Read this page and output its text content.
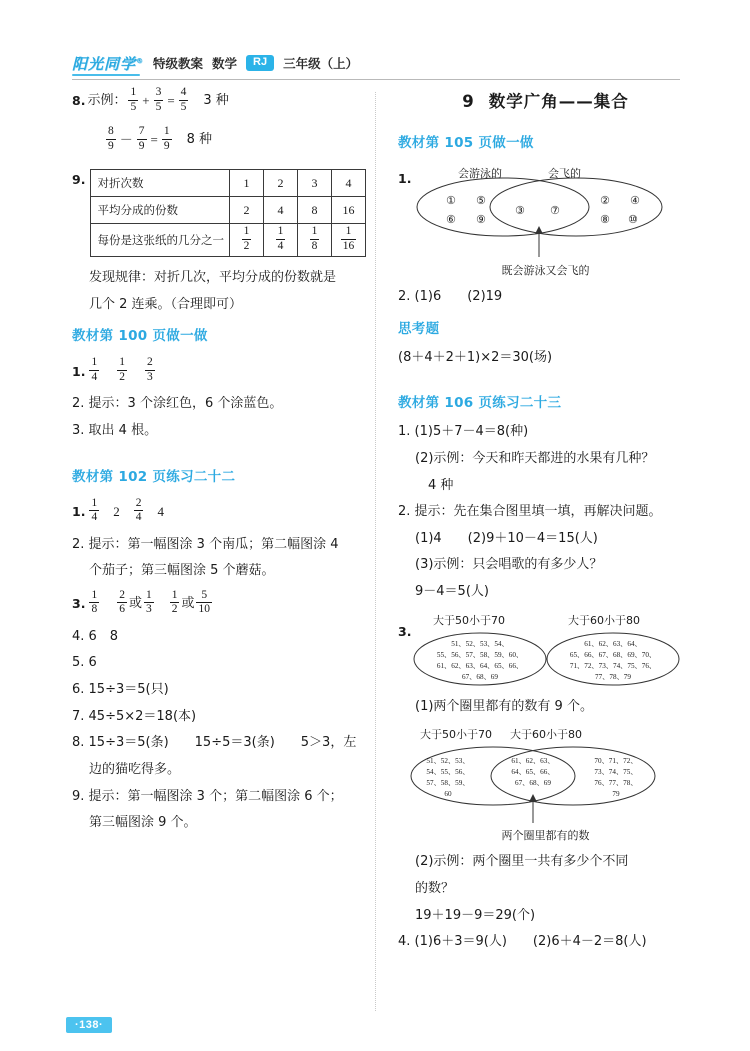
阳光同学® 特级教案 数学	RJ	三年级（上）
8. 示例： $\frac{1}{5} + \frac{3}{5} = \frac{4}{5} 3$ 种
$\frac{8}{9} - \frac{7}{9} = \frac{1}{9} 8$ 种
9. 对折次数	1	2	3	4
平均分成的份数	2	4	8	16
每份是这张纸的几分之一	$\frac{1}{2}$	$\frac{1}{4}$	$\frac{1}{8}$	$\frac{1}{16}$
发现规律：对折几次，平均分成的份数就是
几个 2 连乘。（合理即可）
教材第 100 页做一做
1. $\frac{1}{4} \frac{1}{2} \frac{2}{3}$
2. 提示：3 个涂红色，6 个涂蓝色。
3. 取出 4 根。
教材第 102 页练习二十二
1. $\frac{1}{4} 2 \frac{2}{4} 4$
2. 提示：第一幅图涂 3 个南瓜；第二幅图涂 4
个茄子；第三幅图涂 5 个蘑菇。
3. $\frac{1}{8} \frac{2}{6}$ 或 $\frac{1}{3} \frac{1}{2}$ 或 $\frac{5}{10}$
4. 6　8
5. 6
6. 15÷3＝5(只)
7. 45÷5×2＝18(本)
8. 15÷3＝5(条)　　15÷5＝3(条)　　5＞3，左
边的猫吃得多。
9. 提示：第一幅图涂 3 个；第二幅图涂 6 个；
第三幅图涂 9 个。
9 数学广角——集合
教材第 105 页做一做
1.	会游泳的	会飞的
① ⑤
⑥ ⑨
③ ⑦
② ④
⑧ ⑩
既会游泳又会飞的
2. (1)6　　(2)19
思考题
(8＋4＋2＋1)×2＝30(场)
教材第 106 页练习二十三
1. (1)5＋7－4＝8(种)
(2)示例：今天和昨天都进的水果有几种？
4 种
2. 提示：先在集合图里填一填，再解决问题。
(1)4　　(2)9＋10－4＝15(人)
(3)示例：只会唱歌的有多少人？
9－4＝5(人)
3.
大于50小于70	大于60小于80
51、52、53、54、
55、56、57、58、59、60、
61、62、63、64、65、66、
67、68、69
61、62、63、64、
65、66、67、68、69、70、
71、72、73、74、75、76、
77、78、79
(1)两个圈里都有的数有 9 个。
大于50小于70 大于60小于80
51、52、53、
54、55、56、
57、58、59、
60
61、62、63、
64、65、66、
67、68、69
70、71、72、
73、74、75、
76、77、78、
79
两个圈里都有的数
(2)示例：两个圈里一共有多少个不同
的数？
19＋19－9＝29(个)
4. (1)6＋3＝9(人)　　(2)6＋4－2＝8(人)
·138·
